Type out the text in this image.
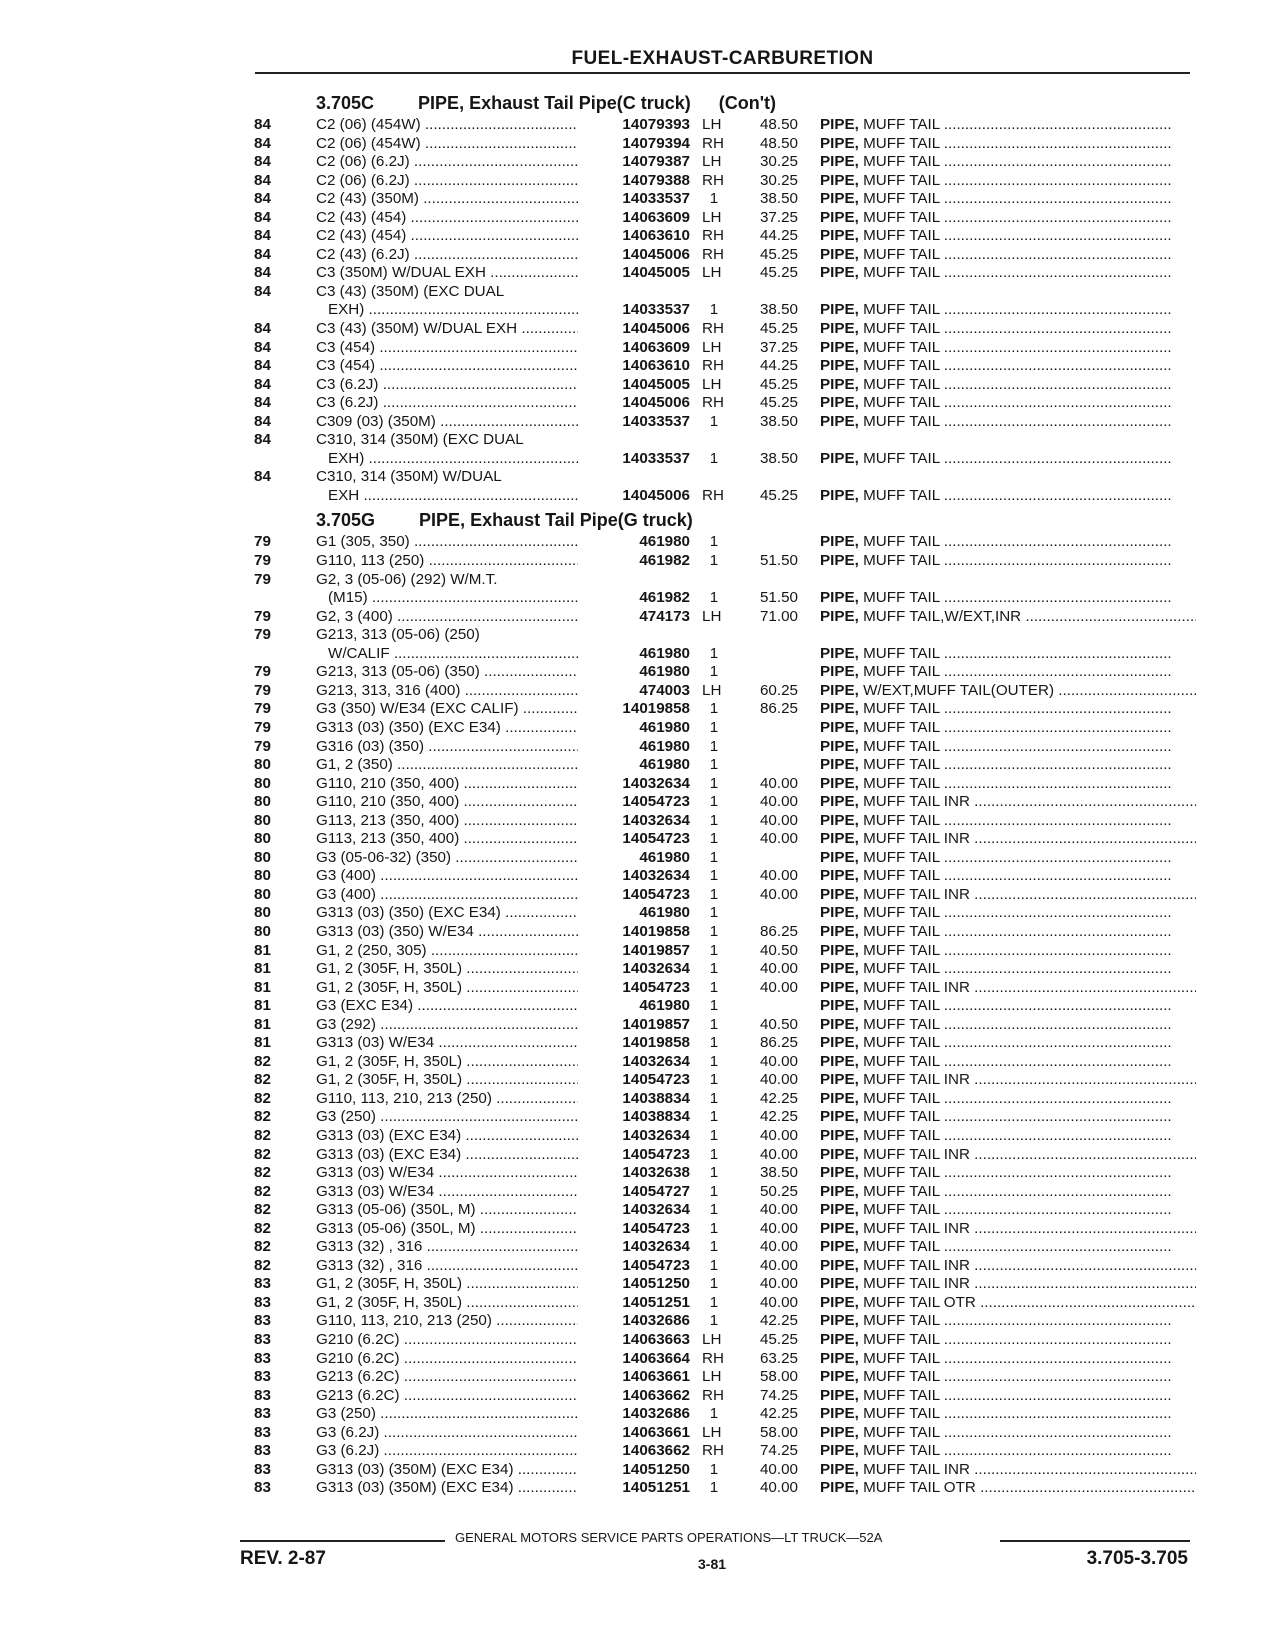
FUEL-EXHAUST-CARBURETION
3.705C PIPE, Exhaust Tail Pipe(C truck) (Con't)
84	C2 (06) (454W) .....	14079393 LH	48.50 PIPE, MUFF TAIL .....
84	C2 (06) (454W) .....	14079394 RH	48.50 PIPE, MUFF TAIL .....
84	C2 (06) (6.2J) .....	14079387 LH	30.25 PIPE, MUFF TAIL .....
84	C2 (06) (6.2J) .....	14079388 RH	30.25 PIPE, MUFF TAIL .....
84	C2 (43) (350M) .....	14033537	1	38.50 PIPE, MUFF TAIL .....
84	C2 (43) (454) .....	14063609 LH	37.25 PIPE, MUFF TAIL .....
84	C2 (43) (454) .....	14063610 RH	44.25 PIPE, MUFF TAIL .....
84	C2 (43) (6.2J) .....	14045006 RH	45.25 PIPE, MUFF TAIL .....
84	C3 (350M) W/DUAL EXH .....	14045005 LH	45.25 PIPE, MUFF TAIL .....
84	C3 (43) (350M) (EXC DUAL
EXH) .....	14033537	1	38.50 PIPE, MUFF TAIL .....
84	C3 (43) (350M) W/DUAL EXH .....	14045006 RH	45.25 PIPE, MUFF TAIL .....
84	C3 (454) .....	14063609 LH	37.25 PIPE, MUFF TAIL .....
84	C3 (454) .....	14063610 RH	44.25 PIPE, MUFF TAIL .....
84	C3 (6.2J) .....	14045005 LH	45.25 PIPE, MUFF TAIL .....
84	C3 (6.2J) .....	14045006 RH	45.25 PIPE, MUFF TAIL .....
84	C309 (03) (350M) .....	14033537	1	38.50 PIPE, MUFF TAIL .....
84	C310, 314 (350M) (EXC DUAL
EXH) .....	14033537	1	38.50 PIPE, MUFF TAIL .....
84	C310, 314 (350M) W/DUAL
EXH .....	14045006 RH	45.25 PIPE, MUFF TAIL .....
3.705G PIPE, Exhaust Tail Pipe(G truck)
79	G1 (305, 350) .....	461980	1	PIPE, MUFF TAIL .....
79	G110, 113 (250) .....	461982	1	51.50 PIPE, MUFF TAIL .....
79	G2, 3 (05-06) (292) W/M.T.
(M15) .....	461982	1	51.50 PIPE, MUFF TAIL .....
79	G2, 3 (400) .....	474173 LH	71.00 PIPE, MUFF TAIL,W/EXT,INR .....
79	G213, 313 (05-06) (250)
W/CALIF .....	461980	1	PIPE, MUFF TAIL .....
79	G213, 313 (05-06) (350) .....	461980	1	PIPE, MUFF TAIL .....
79	G213, 313, 316 (400) .....	474003 LH	60.25 PIPE, W/EXT,MUFF TAIL(OUTER) .....
79	G3 (350) W/E34 (EXC CALIF) .....	14019858	1	86.25 PIPE, MUFF TAIL .....
79	G313 (03) (350) (EXC E34) .....	461980	1	PIPE, MUFF TAIL .....
79	G316 (03) (350) .....	461980	1	PIPE, MUFF TAIL .....
80	G1, 2 (350) .....	461980	1	PIPE, MUFF TAIL .....
80	G110, 210 (350, 400) .....	14032634	1	40.00 PIPE, MUFF TAIL .....
80	G110, 210 (350, 400) .....	14054723	1	40.00 PIPE, MUFF TAIL INR .....
80	G113, 213 (350, 400) .....	14032634	1	40.00 PIPE, MUFF TAIL .....
80	G113, 213 (350, 400) .....	14054723	1	40.00 PIPE, MUFF TAIL INR .....
80	G3 (05-06-32) (350) .....	461980	1	PIPE, MUFF TAIL .....
80	G3 (400) .....	14032634	1	40.00 PIPE, MUFF TAIL .....
80	G3 (400) .....	14054723	1	40.00 PIPE, MUFF TAIL INR .....
80	G313 (03) (350) (EXC E34) .....	461980	1	PIPE, MUFF TAIL .....
80	G313 (03) (350) W/E34 .....	14019858	1	86.25 PIPE, MUFF TAIL .....
81	G1, 2 (250, 305) .....	14019857	1	40.50 PIPE, MUFF TAIL .....
81	G1, 2 (305F, H, 350L) .....	14032634	1	40.00 PIPE, MUFF TAIL .....
81	G1, 2 (305F, H, 350L) .....	14054723	1	40.00 PIPE, MUFF TAIL INR .....
81	G3 (EXC E34) .....	461980	1	PIPE, MUFF TAIL .....
81	G3 (292) .....	14019857	1	40.50 PIPE, MUFF TAIL .....
81	G313 (03) W/E34 .....	14019858	1	86.25 PIPE, MUFF TAIL .....
82	G1, 2 (305F, H, 350L) .....	14032634	1	40.00 PIPE, MUFF TAIL .....
82	G1, 2 (305F, H, 350L) .....	14054723	1	40.00 PIPE, MUFF TAIL INR .....
82	G110, 113, 210, 213 (250) .....	14038834	1	42.25 PIPE, MUFF TAIL .....
82	G3 (250) .....	14038834	1	42.25 PIPE, MUFF TAIL .....
82	G313 (03) (EXC E34) .....	14032634	1	40.00 PIPE, MUFF TAIL .....
82	G313 (03) (EXC E34) .....	14054723	1	40.00 PIPE, MUFF TAIL INR .....
82	G313 (03) W/E34 .....	14032638	1	38.50 PIPE, MUFF TAIL .....
82	G313 (03) W/E34 .....	14054727	1	50.25 PIPE, MUFF TAIL .....
82	G313 (05-06) (350L, M) .....	14032634	1	40.00 PIPE, MUFF TAIL .....
82	G313 (05-06) (350L, M) .....	14054723	1	40.00 PIPE, MUFF TAIL INR .....
82	G313 (32) , 316 .....	14032634	1	40.00 PIPE, MUFF TAIL .....
82	G313 (32) , 316 .....	14054723	1	40.00 PIPE, MUFF TAIL INR .....
83	G1, 2 (305F, H, 350L) .....	14051250	1	40.00 PIPE, MUFF TAIL INR .....
83	G1, 2 (305F, H, 350L) .....	14051251	1	40.00 PIPE, MUFF TAIL OTR .....
83	G110, 113, 210, 213 (250) .....	14032686	1	42.25 PIPE, MUFF TAIL .....
83	G210 (6.2C) .....	14063663 LH	45.25 PIPE, MUFF TAIL .....
83	G210 (6.2C) .....	14063664 RH	63.25 PIPE, MUFF TAIL .....
83	G213 (6.2C) .....	14063661 LH	58.00 PIPE, MUFF TAIL .....
83	G213 (6.2C) .....	14063662 RH	74.25 PIPE, MUFF TAIL .....
83	G3 (250) .....	14032686	1	42.25 PIPE, MUFF TAIL .....
83	G3 (6.2J) .....	14063661 LH	58.00 PIPE, MUFF TAIL .....
83	G3 (6.2J) .....	14063662 RH	74.25 PIPE, MUFF TAIL .....
83	G313 (03) (350M) (EXC E34) .....	14051250	1	40.00 PIPE, MUFF TAIL INR .....
83	G313 (03) (350M) (EXC E34) .....	14051251	1	40.00 PIPE, MUFF TAIL OTR .....
GENERAL MOTORS SERVICE PARTS OPERATIONS—LT TRUCK—52A
REV. 2-87	3-81	3.705-3.705
